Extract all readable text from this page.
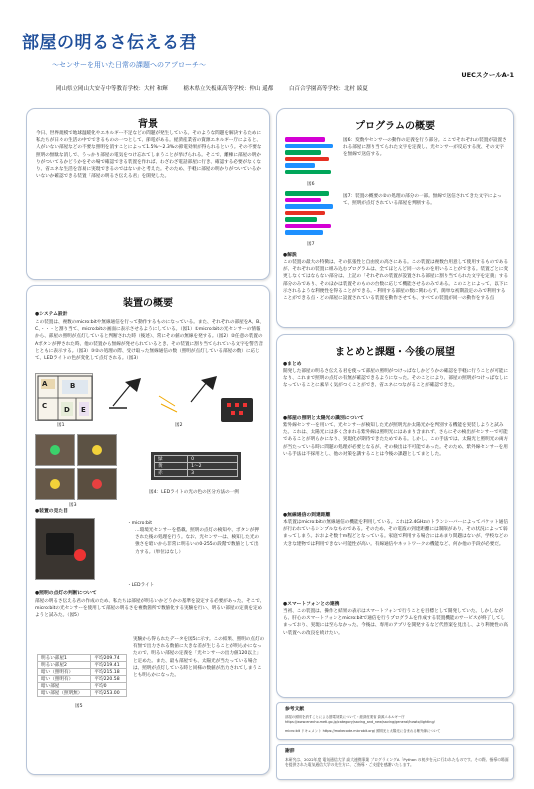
部屋の明るさ伝える君
〜センサーを用いた日常の課題へのアプローチ〜
UECスクールA-1
岡山県立岡山大安寺中等教育学校：大村 和輝	栃木県立矢板東高等学校：仲山 遥都	白百合学園高等学校：北村 綾夏
背景
今日、世界規模で地球温暖化やエネルギー不足などの問題が発生している。そのような問題を解決するために私たちが日々の生活の中でできるものの一つとして、節電がある。経済産業省の資源エネルギー庁によると、人がいない部屋などの不要な照明を消すことによって1.5%〜2.3%の節電効果が得られるという。その不要な照明の無駄な消しで、うっかり部屋の電気をつけ忘れてしまうことが挙げられる。そこで、離棟に部屋の明かりがついてるかどうかをその場で確認できる装置を作れば、わざわざ電話部屋に行き、確認する必要がなくなり、省エネな生活を容易に実現できるのではないかと考えた。そのため、手軽に部屋の明かりがついているかいないか確認できる装置「部屋の明るさ伝える君」を開発した。
装置の概要
●システム設計
この装置は、複数のmicro:bitや無線通信を行って動作するものになっている。また、それぞれの部屋をA、B、C、・・・と割り当て、micro:bitの画面に表示させるようにしている。（図1）①micro:bitの光センサーの情報から、部屋の照明が点灯していると判断された時（後述）、常にその値の無線を発する。（図2）②任意の装置のAボタンが押された時、他の装置から無線が発せられているとき、その装置に割り当てられている文字を警告音とともに表示する。（図3）③②の処理の際、受け取った無線通信の数（照明が点灯している部屋の数）に応じて、LEDライトの色が変化して点灯される。（図3）
A	B
C D E
図1	図2
図3
緑	0
黄	1〜2
赤	3
図4：LEDライトの光の色の区分方法の一例
●装置の見た目
・micro:bit
…環境光センサーを搭載。照明の点灯の検知や、ボタンが押された後の処理を行う。なお、光センサーは、検知した光の強さを暗いから非常に明るいの0-255の段階で数値として出力する。（単位はなし）
・LEDライト
●照明の点灯の判断について
部屋の明るさ伝える君の作成のため、私たちは部屋が明るいかどうかの基準を設定する必要があった。そこで、micro:bitの光センサーを使用して部屋の明るさを複数箇所で数値化する実験を行い、明るい部屋の定義を定めようと試みた。（図5）
明るい部屋1	平均209.74
明るい部屋2	平均219.41
暗い（照明有）	平均215.18
暗い（照明有）	平均220.58
暗い部屋	平均0
暗い部屋（照明無）	平均253.00
図5
実験から得られたデータを図5に示す。この結果、照明の点灯の有無で出力される数値に大きな差が生じることが明らかになったので、明るい部屋の定義を「光センサーの出力値120以上」と定めた。また、最も部屋でも、太陽光が当たっている場合は、照明が点灯している時と同様の数値が出力されてしまうことも明らかになった。
プログラムの概要
図6
図6：変数やセンサーの動作の定義を行う部分。ここでそれぞれの装置が設置される部屋に割り当てられた文字を定義し、光センサーが反応する度、その文字を無線で送信する。
図7
図7：装置の概要の②の処理の部分の一部。無線で送信されてきた文字によって、照明が点灯されている部屋を判断する。
●解説
この装置の最大の特徴は、その拡張性と自由度の高さにある。この装置は複数台用意して使用するものであるが、それぞれの装置に組み込むプログラムは、全てほとんど同一のものを用いることができる。装置ごとに変更しなくてはならない部分は、上記の「それぞれの装置が設置される部屋に割り当てられた文字を定義」する部分のみであり、そのほかは装置そのものの台数に応じて機能させるのみである。このことによって、以下に示されるような利便性を得ることができる。・利用する部屋の数に関わらず、簡単な初期設定のみで利用することができる点・どの部屋に設置されている装置を動作させても、すべての装置が同一の動作をする点
まとめと課題・今後の展望
●まとめ
開発した部屋の明るさ伝える君を使って部屋の照明がつけっぱなしかどうかの確認を手軽に行うことが可能になり、これまで照明の点灯の有無が確認できるようになった。そのことにより、部屋の照明がつけっぱなしになっていることに素早く気がつくことができ、省エネにつながることが確認できた。
●部屋の照明と太陽光の識別について
紫外線センサーを用いて、光センサーが検知した光が照明光か太陽光かを判別する機能を実装しようと試みた。これは、太陽光には多く含まれる紫外線は照明光にはあまり含まれず、さらにその検出がセンサーで可能であることが明らかになり、実現化が期待できたためである。しかし、この手法では、太陽光と照明光の両方が当たっている時に問題の処理が必要となるが、その検出は不可能であった。そのため、紫外線センサーを用いる手法は不採用とし、他の対策を講することは今後の課題としてまとした。
●無線通信の到達距離
本装置はmicro:bitの無線通信の機能を利用している。これは2.4GHzのトランシーバーによってパケット通信が行われているシンプルなものである。そのため、その電波の到達距離には制限があり、その状況によって弱まってしまう。おおよそ数十m程どとなっている。家庭で利用する場合にはあまり問題はないが、学校などの大きな建物では利用できない可能性が高い。有線通信やネットワークの機能など、何か他の手段が必要だ。
●スマートフォンとの連携
当初、この装置は、操作と結果の表示はスマートフォンで行うことを目標として開発していた。しかしながら、肝心のスマートフォンとmicro:bitで通信を行うプログラムを作成する装置機能のサービスが終了してしまっており、実現には至らなかった。今後は、専用のアプリを開発するなど代替案を見出し、より利便性の高い装置への改良を続けたい。
参考文献
部屋の照明を消すことによる節電効果について・経済産業省 資源エネルギー庁 https://www.enecho.meti.go.jp/category/saving_and_new/saving/general/howto/lighting/
micro:bit ドキュメント https://makecode.microbit.org/ 照明光と太陽光に含まれる紫外線について
謝辞
本研究は、2022年度 電気通信大学 高大連携事業 プログラミングA「Python の初歩を元に行われたものです。その際、指導の場面を提供された電気通信大学の先生方に、ご指導・ご支援を感謝いたします。
